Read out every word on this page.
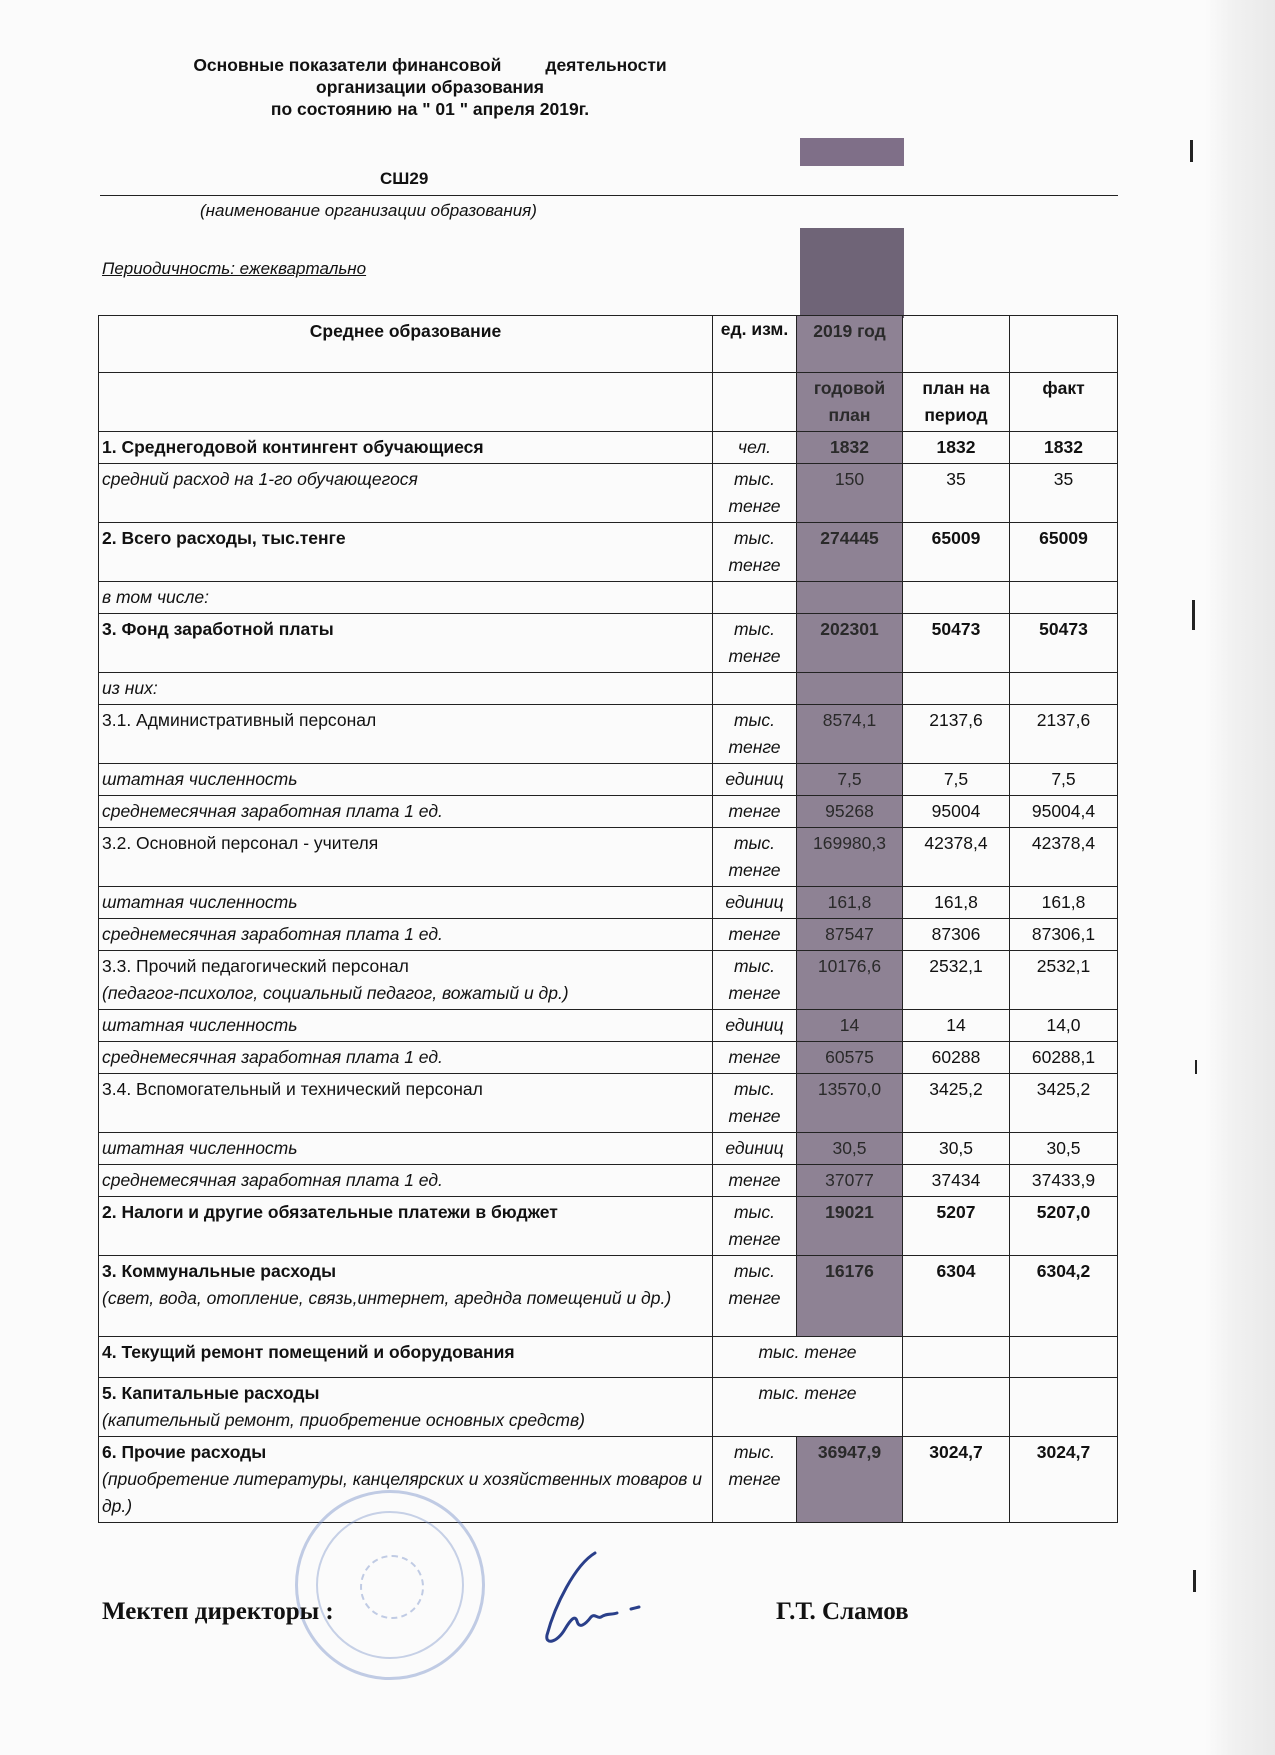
Основные показатели финансовой	деятельности
организации образования
по состоянию на " 01 " апреля 2019г.
СШ29
(наименование организации образования)
Периодичность: ежеквартально
Среднее образование	ед. изм.	2019 год		
		годовой план	план на период	факт
1. Среднегодовой контингент обучающиеся	чел.	1832	1832	1832
средний расход на 1-го обучающегося	тыс. тенге	150	35	35
2. Всего расходы, тыс.тенге	тыс. тенге	274445	65009	65009
в том числе:				
3. Фонд заработной платы	тыс. тенге	202301	50473	50473
из них:				
3.1. Административный персонал	тыс. тенге	8574,1	2137,6	2137,6
штатная численность	единиц	7,5	7,5	7,5
среднемесячная заработная плата 1 ед.	тенге	95268	95004	95004,4
3.2. Основной персонал - учителя	тыс. тенге	169980,3	42378,4	42378,4
штатная численность	единиц	161,8	161,8	161,8
среднемесячная заработная плата 1 ед.	тенге	87547	87306	87306,1
3.3. Прочий педагогический персонал
(педагог-психолог, социальный педагог, вожатый и др.)	тыс. тенге	10176,6	2532,1	2532,1
штатная численность	единиц	14	14	14,0
среднемесячная заработная плата 1 ед.	тенге	60575	60288	60288,1
3.4. Вспомогательный и технический персонал	тыс. тенге	13570,0	3425,2	3425,2
штатная численность	единиц	30,5	30,5	30,5
среднемесячная заработная плата 1 ед.	тенге	37077	37434	37433,9
2. Налоги и другие обязательные платежи в бюджет	тыс. тенге	19021	5207	5207,0
3. Коммунальные расходы
(свет, вода, отопление, связь,интернет, ареднда помещений и др.)	тыс. тенге	16176	6304	6304,2
4. Текущий ремонт помещений и оборудования	тыс. тенге			
5. Капитальные расходы
(капительный ремонт, приобретение основных средств)	тыс. тенге			
6. Прочие расходы
(приобретение литературы, канцелярских и хозяйственных товаров и др.)	тыс. тенге	36947,9	3024,7	3024,7
Мектеп директоры :	Г.Т. Сламов
